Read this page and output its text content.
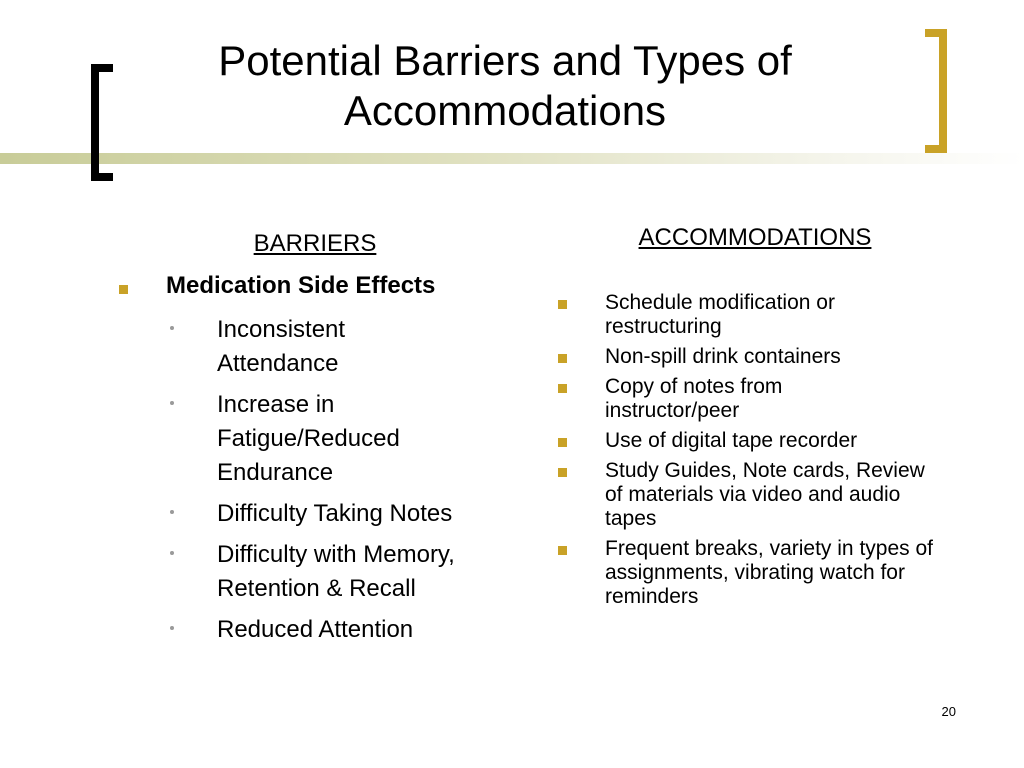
Potential Barriers and Types of Accommodations
BARRIERS	ACCOMMODATIONS
Medication Side Effects
Inconsistent Attendance
Increase in Fatigue/Reduced Endurance
Difficulty Taking Notes
Difficulty with Memory, Retention & Recall
Reduced Attention
Schedule modification or restructuring
Non-spill drink containers
Copy of notes from instructor/peer
Use of digital tape recorder
Study Guides, Note cards, Review of materials via video and audio tapes
Frequent breaks, variety in types of assignments, vibrating watch for reminders
20
